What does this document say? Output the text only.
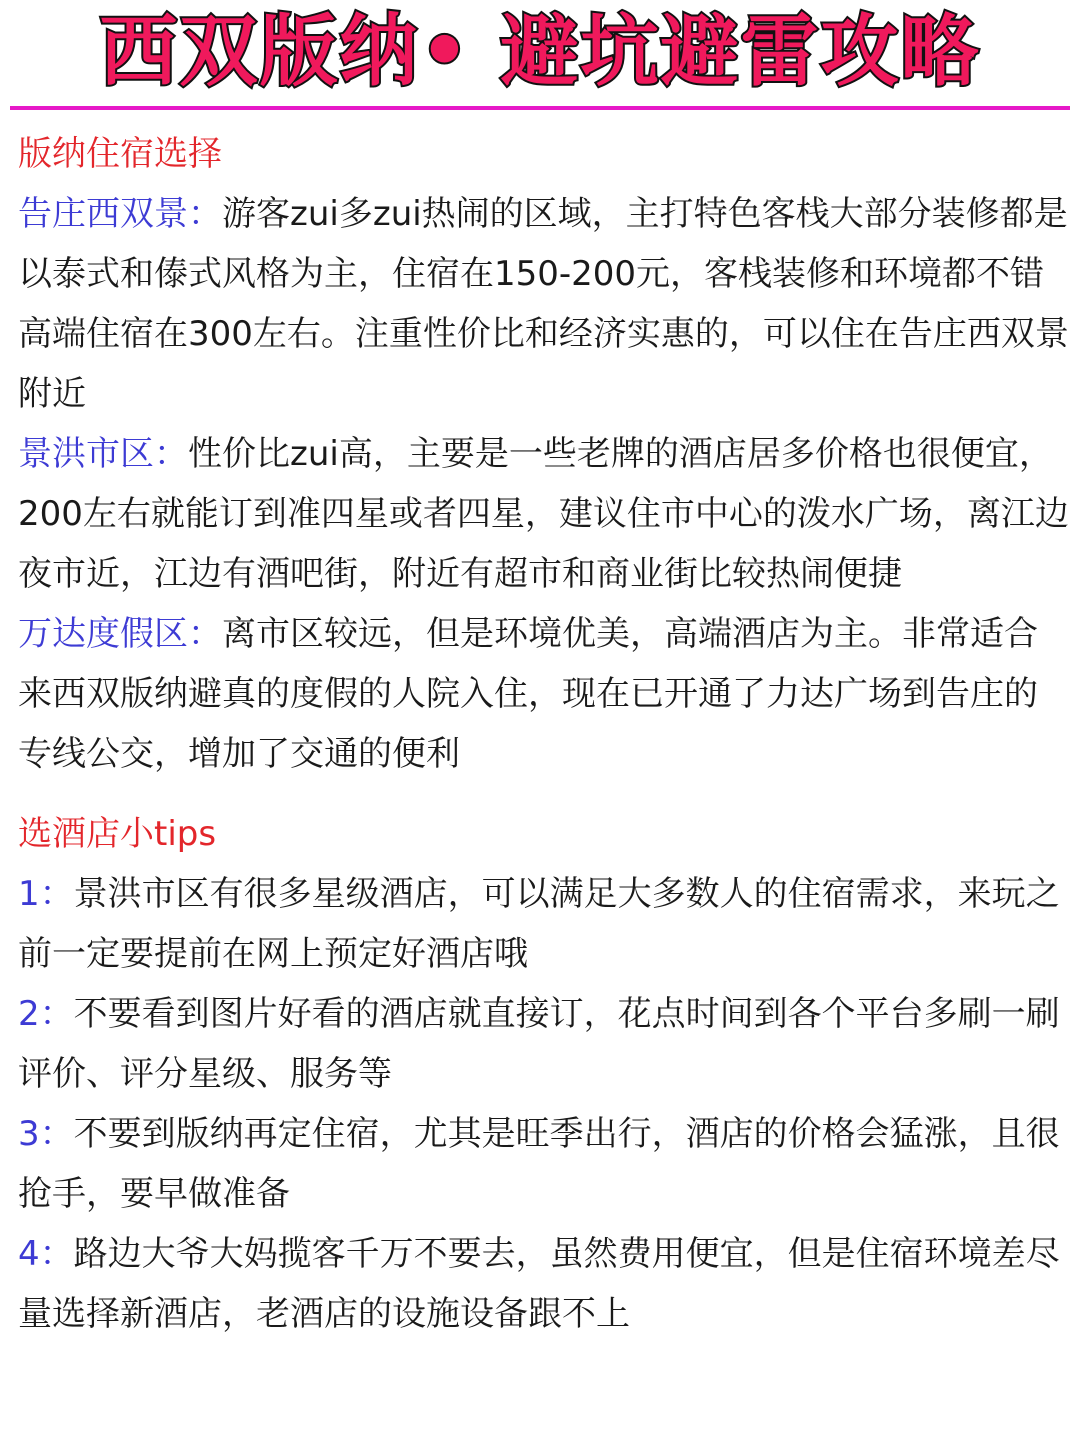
西双版纳• 避坑避雷攻略
版纳住宿选择

告庄西双景：游客zui多zui热闹的区域，主打特色客栈大部分装修都是以泰式和傣式风格为主，住宿在150-200元，客栈装修和环境都不错高端住宿在300左右。注重性价比和经济实惠的，可以住在告庄西双景附近

景洪市区：性价比zui高，主要是一些老牌的酒店居多价格也很便宜，200左右就能订到准四星或者四星，建议住市中心的泼水广场，离江边夜市近，江边有酒吧街，附近有超市和商业街比较热闹便捷

万达度假区：离市区较远，但是环境优美，高端酒店为主。非常适合来西双版纳避真的度假的人院入住，现在已开通了力达广场到告庄的专线公交，增加了交通的便利

选酒店小tips

1：景洪市区有很多星级酒店，可以满足大多数人的住宿需求，来玩之前一定要提前在网上预定好酒店哦

2：不要看到图片好看的酒店就直接订，花点时间到各个平台多刷一刷评价、评分星级、服务等

3：不要到版纳再定住宿，尤其是旺季出行，酒店的价格会猛涨，且很抢手，要早做准备

4：路边大爷大妈揽客千万不要去，虽然费用便宜，但是住宿环境差尽量选择新酒店，老酒店的设施设备跟不上
